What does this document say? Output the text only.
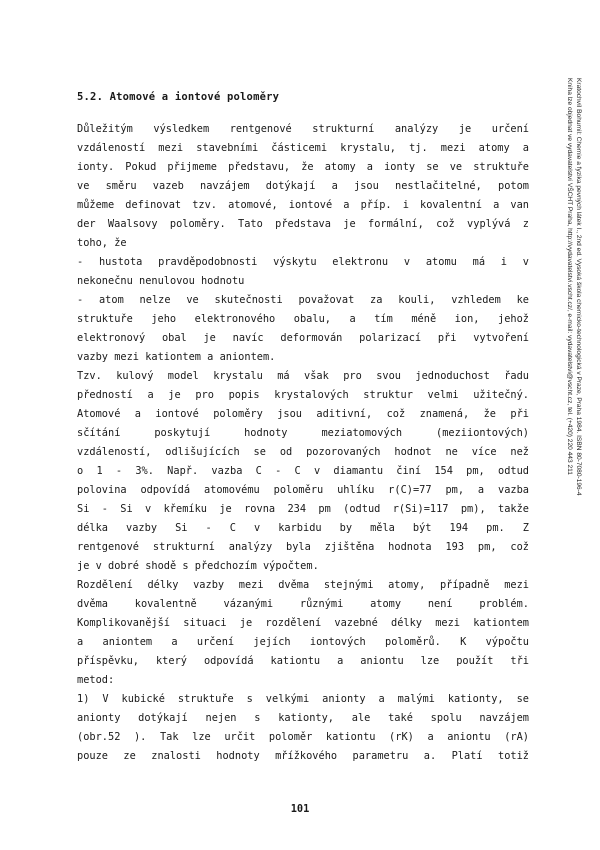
5.2. Atomové a iontové poloměry
Důležitým výsledkem rentgenové strukturní analýzy je určení
vzdáleností mezi stavebními částicemi krystalu, tj. mezi atomy a
ionty. Pokud přijmeme představu, že atomy a ionty se ve struktuře
ve směru vazeb navzájem dotýkají a jsou nestlačitelné, potom
můžeme definovat tzv. atomové, iontové a příp. i kovalentní a van
der Waalsovy poloměry. Tato představa je formální, což vyplývá z
toho, že
- hustota pravděpodobnosti výskytu elektronu v atomu má i v
nekonečnu nenulovou hodnotu
- atom nelze ve skutečnosti považovat za kouli, vzhledem ke
struktuře jeho elektronového obalu, a tím méně ion, jehož
elektronový obal je navíc deformován polarizací při vytvoření
vazby mezi kationtem a aniontem.
Tzv. kulový model krystalu má však pro svou jednoduchost řadu
předností a je pro popis krystalových struktur velmi užitečný.
Atomové a iontové poloměry jsou aditivní, což znamená, že při
sčítání poskytují hodnoty meziatomových (meziiontových)
vzdáleností, odlišujících se od pozorovaných hodnot ne více než
o 1 - 3%. Např. vazba C - C v diamantu činí 154 pm, odtud
polovina odpovídá atomovému poloměru uhlíku r(C)=77 pm, a vazba
Si - Si v křemíku je rovna 234 pm (odtud r(Si)=117 pm), takže
délka vazby Si - C v karbidu by měla být 194 pm. Z
rentgenové strukturní analýzy byla zjištěna hodnota 193 pm, což
je v dobré shodě s předchozím výpočtem.
Rozdělení délky vazby mezi dvěma stejnými atomy, případně mezi
dvěma kovalentně vázanými různými atomy není problém.
Komplikovanější situaci je rozdělení vazebné délky mezi kationtem
a aniontem a určení jejích iontových poloměrů. K výpočtu
příspěvku, který odpovídá kationtu a aniontu lze použít tři
metod:
1) V kubické struktuře s velkými anionty a malými kationty, se
anionty dotýkají nejen s kationty, ale také spolu navzájem
(obr.52 ). Tak lze určit poloměr kationtu (rK) a aniontu (rA)
pouze ze znalosti hodnoty mřížkového parametru a. Platí totiž
101
Kratochvíl Bohumil: Chemie a fyzika pevných látek I., 2nd ed. Vysoká škola chemicko-technologická v Praze, Praha 1984. ISBN 80-7080-196-4
Kniha lze objednat ve vydavatelství VŠCHT Praha, http://vydavatelstvi.vscht.cz/, e-mail: vydavatelstvi@vscht.cz, tel. (+420) 220 443 211
